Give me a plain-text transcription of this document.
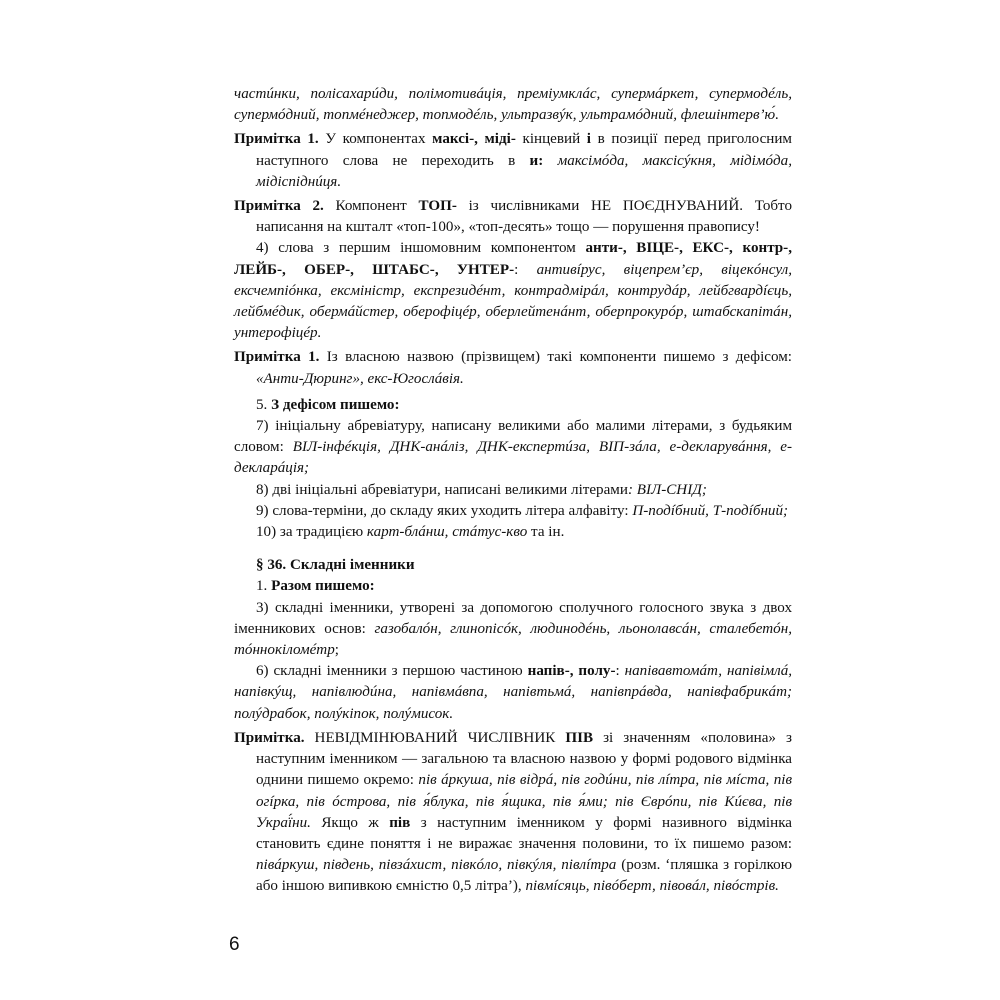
частúнки, полісахарúди, полімотивáція, преміумклáс, супермáркет, супермодéль, супермóдний, топмéнеджер, топмодéль, ультразвýк, ультрамóдний, флешінтерв’ю́.

Примітка 1. У компонентах максі-, міді- кінцевий і в позиції перед приголосним наступного слова не переходить в и: максімóда, максісýкня, мідімóда, мідіспіднúця.

Примітка 2. Компонент ТОП- із числівниками НЕ ПОЄДНУВАНИЙ. Тобто написання на кшталт «топ-100», «топ-десять» тощо — порушення правопису!

4) слова з першим іншомовним компонентом анти-, ВІЦЕ-, ЕКС-, контр-, ЛЕЙБ-, ОБЕР-, ШТАБС-, УНТЕР-: антивíрус, віцепрем’єр, віцекóнсул, ексчемпіóнка, ексміністр, експрезидéнт, контрадмірáл, контрудáр, лейбгвардíєць, лейбмéдик, обермáйстер, оберофіцéр, оберлейтенáнт, оберпрокурóр, штабскапітáн, унтерофіцéр.

Примітка 1. Із власною назвою (прізвищем) такі компоненти пишемо з дефісом: «Анти-Дюринг», екс-Югослáвія.

5. З дефісом пишемо:

7) ініціальну абревіатуру, написану великими або малими літерами, з будьяким словом: ВІЛ-інфéкція, ДНК-анáліз, ДНК-експертúза, ВІП-зáла, е-декларувáння, е-декларáція;

8) дві ініціальні абревіатури, написані великими літерами: ВІЛ-СНІД;

9) слова-терміни, до складу яких уходить літера алфавіту: П-подíбний, Т-подíбний;

10) за традицією карт-блáнш, стáтус-кво та ін.

§ 36. Складні іменники

1. Разом пишемо:

3) складні іменники, утворені за допомогою сполучного голосного звука з двох іменникових основ: газобалóн, глинопісóк, людинодéнь, льонолавсáн, сталебетóн, тóннокіломéтр;

6) складні іменники з першою частиною напів-, полу-: напівавтомáт, напівімлá, напівкýщ, напівлюдúна, напівмáвпа, напівтьмá, напівпрáвда, напівфабрикáт; полýдрабок, полýкіпок, полýмисок.

Примітка. НЕВІДМІНЮВАНИЙ ЧИСЛІВНИК ПІВ зі значенням «половина» з наступним іменником — загальною та власною назвою у формі родового відмінка однини пишемо окремо: пів áркуша, пів відрá, пів годúни, пів лíтра, пів мíста, пів огíрка, пів óстрова, пів я́блука, пів я́щика, пів я́ми; пів Єврóпи, пів Кúєва, пів Украї́ни. Якщо ж пів з наступним іменником у формі називного відмінка становить єдине поняття і не виражає значення половини, то їх пишемо разом: півáркуш, південь, півзáхист, півкóло, півкýля, півлíтра (розм. ‘пляшка з горілкою або іншою випивкою ємністю 0,5 літра’), півмíсяць, півóберт, півовáл, півóстрів.

6
